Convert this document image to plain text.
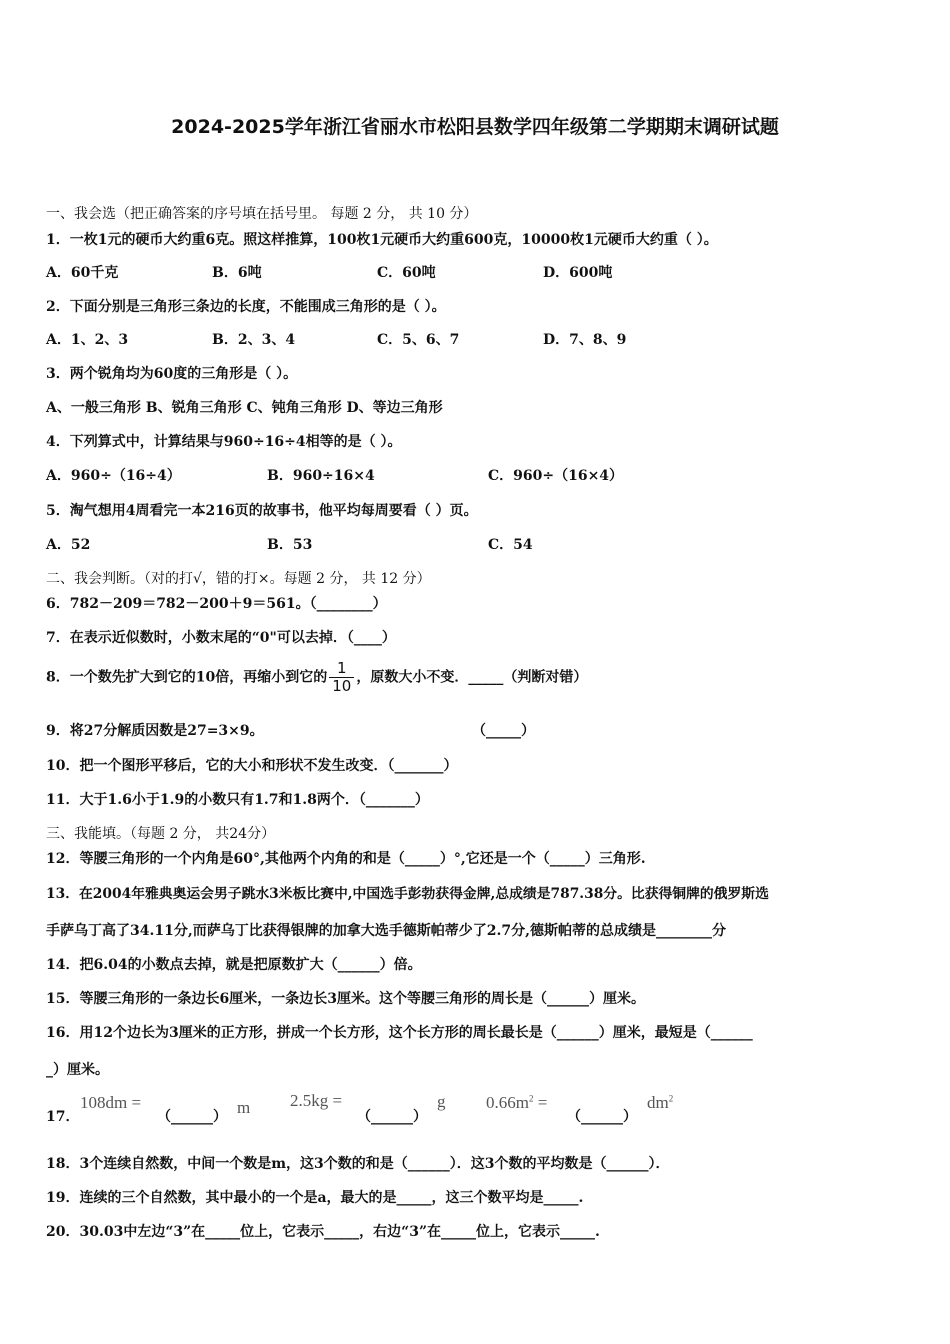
2024-2025学年浙江省丽水市松阳县数学四年级第二学期期末调研试题
一、我会选（把正确答案的序号填在括号里。 每题 2 分， 共 10 分）
1．一枚1元的硬币大约重6克。照这样推算，100枚1元硬币大约重600克，10000枚1元硬币大约重（ ）。
A．60千克	B．6吨	C．60吨	D．600吨
2．下面分别是三角形三条边的长度，不能围成三角形的是（ ）。
A．1、2、3	B．2、3、4	C．5、6、7	D．7、8、9
3．两个锐角均为60度的三角形是（ ）。
A、一般三角形 B、锐角三角形 C、钝角三角形 D、等边三角形
4．下列算式中，计算结果与960÷16÷4相等的是（ ）。
A．960÷（16÷4）	B．960÷16×4	C．960÷（16×4）
5．淘气想用4周看完一本216页的故事书，他平均每周要看（ ）页。
A．52	B．53	C．54
二、我会判断。（对的打√，错的打×。每题 2 分， 共 12 分）
6．782－209＝782－200＋9＝561。（________）
7．在表示近似数时，小数末尾的“0"可以去掉．（____）
8．一个数先扩大到它的10倍，再缩小到它的 $\frac{1}{10}$ ，原数大小不变．_____（判断对错）
9．将27分解质因数是27=3×9。	（_____）
10．把一个图形平移后，它的大小和形状不发生改变．（_______）
11．大于1.6小于1.9的小数只有1.7和1.8两个．（_______）
三、我能填。（每题 2 分， 共24分）
12．等腰三角形的一个内角是60°,其他两个内角的和是（_____）°,它还是一个（_____）三角形.
13．在2004年雅典奥运会男子跳水3米板比赛中,中国选手彭勃获得金牌,总成绩是787.38分。比获得铜牌的俄罗斯选
手萨乌丁高了34.11分,而萨乌丁比获得银牌的加拿大选手德斯帕蒂少了2.7分,德斯帕蒂的总成绩是________分
14．把6.04的小数点去掉，就是把原数扩大（______）倍。
15．等腰三角形的一条边长6厘米，一条边长3厘米。这个等腰三角形的周长是（______）厘米。
16．用12个边长为3厘米的正方形，拼成一个长方形，这个长方形的周长最长是（______）厘米，最短是（______
_）厘米。
17．
108dm =
（______） m 2.5kg =
（______）
g $0.66m^2$ =
（______）
$dm^2$
18．3个连续自然数，中间一个数是m，这3个数的和是（______）．这3个数的平均数是（______）．
19．连续的三个自然数，其中最小的一个是a，最大的是_____，这三个数平均是_____.
20．30.03中左边“3”在_____位上，它表示_____，右边“3”在_____位上，它表示_____.
